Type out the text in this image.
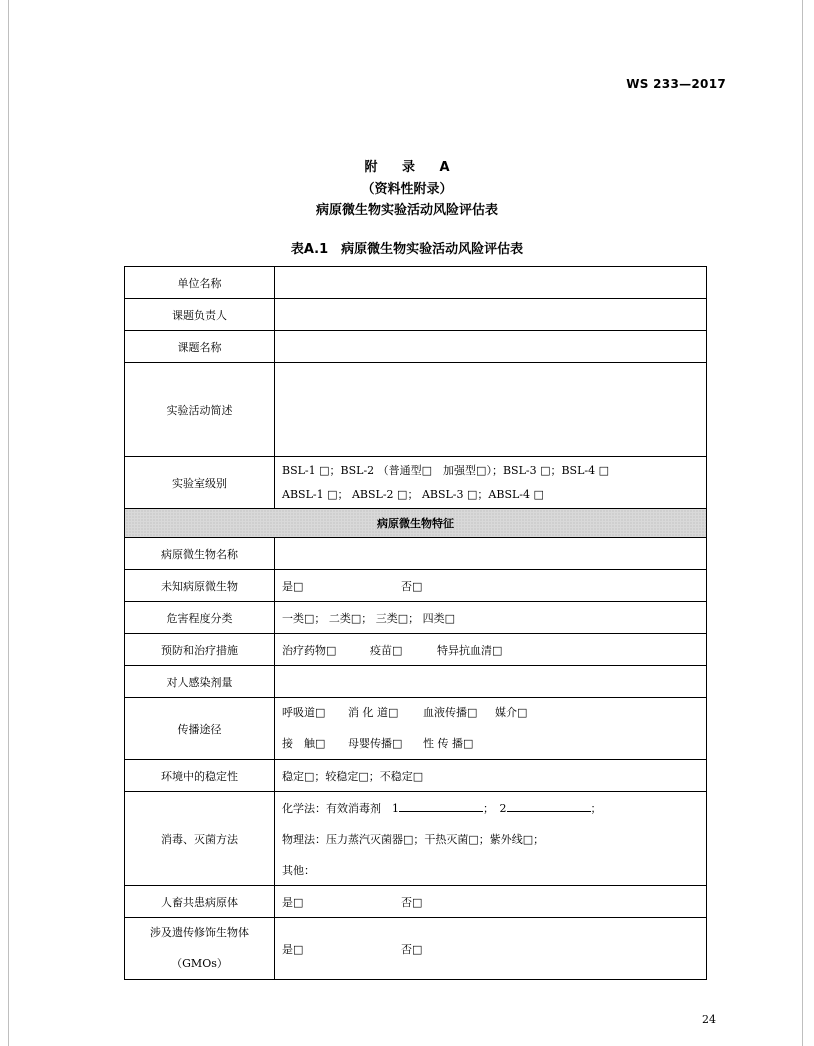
WS 233—2017
附 录 A
（资料性附录）
病原微生物实验活动风险评估表
表A.1　病原微生物实验活动风险评估表
单位名称	
课题负责人	
课题名称	
实验活动简述	
实验室级别	BSL-1 □；BSL-2 （普通型□　加强型□）；BSL-3 □；BSL-4 □
ABSL-1 □； ABSL-2 □； ABSL-3 □；ABSL-4 □

病原微生物特征	
病原微生物名称	
未知病原微生物	是□ 否□
危害程度分类	一类□； 二类□； 三类□； 四类□
预防和治疗措施	治疗药物□ 疫苗□ 特异抗血清□
对人感染剂量	
传播途径	呼吸道□ 消 化 道□ 血液传播□ 媒介□
接　触□ 母婴传播□ 性 传 播□

环境中的稳定性	稳定□；较稳定□；不稳定□
消毒、灭菌方法	化学法：有效消毒剂　1 ；　2 ；
物理法：压力蒸汽灭菌器□；干热灭菌□；紫外线□；
其他：

人畜共患病原体	是□ 否□

涉及遗传修饰生物体
（GMOs）	是□ 否□
24
